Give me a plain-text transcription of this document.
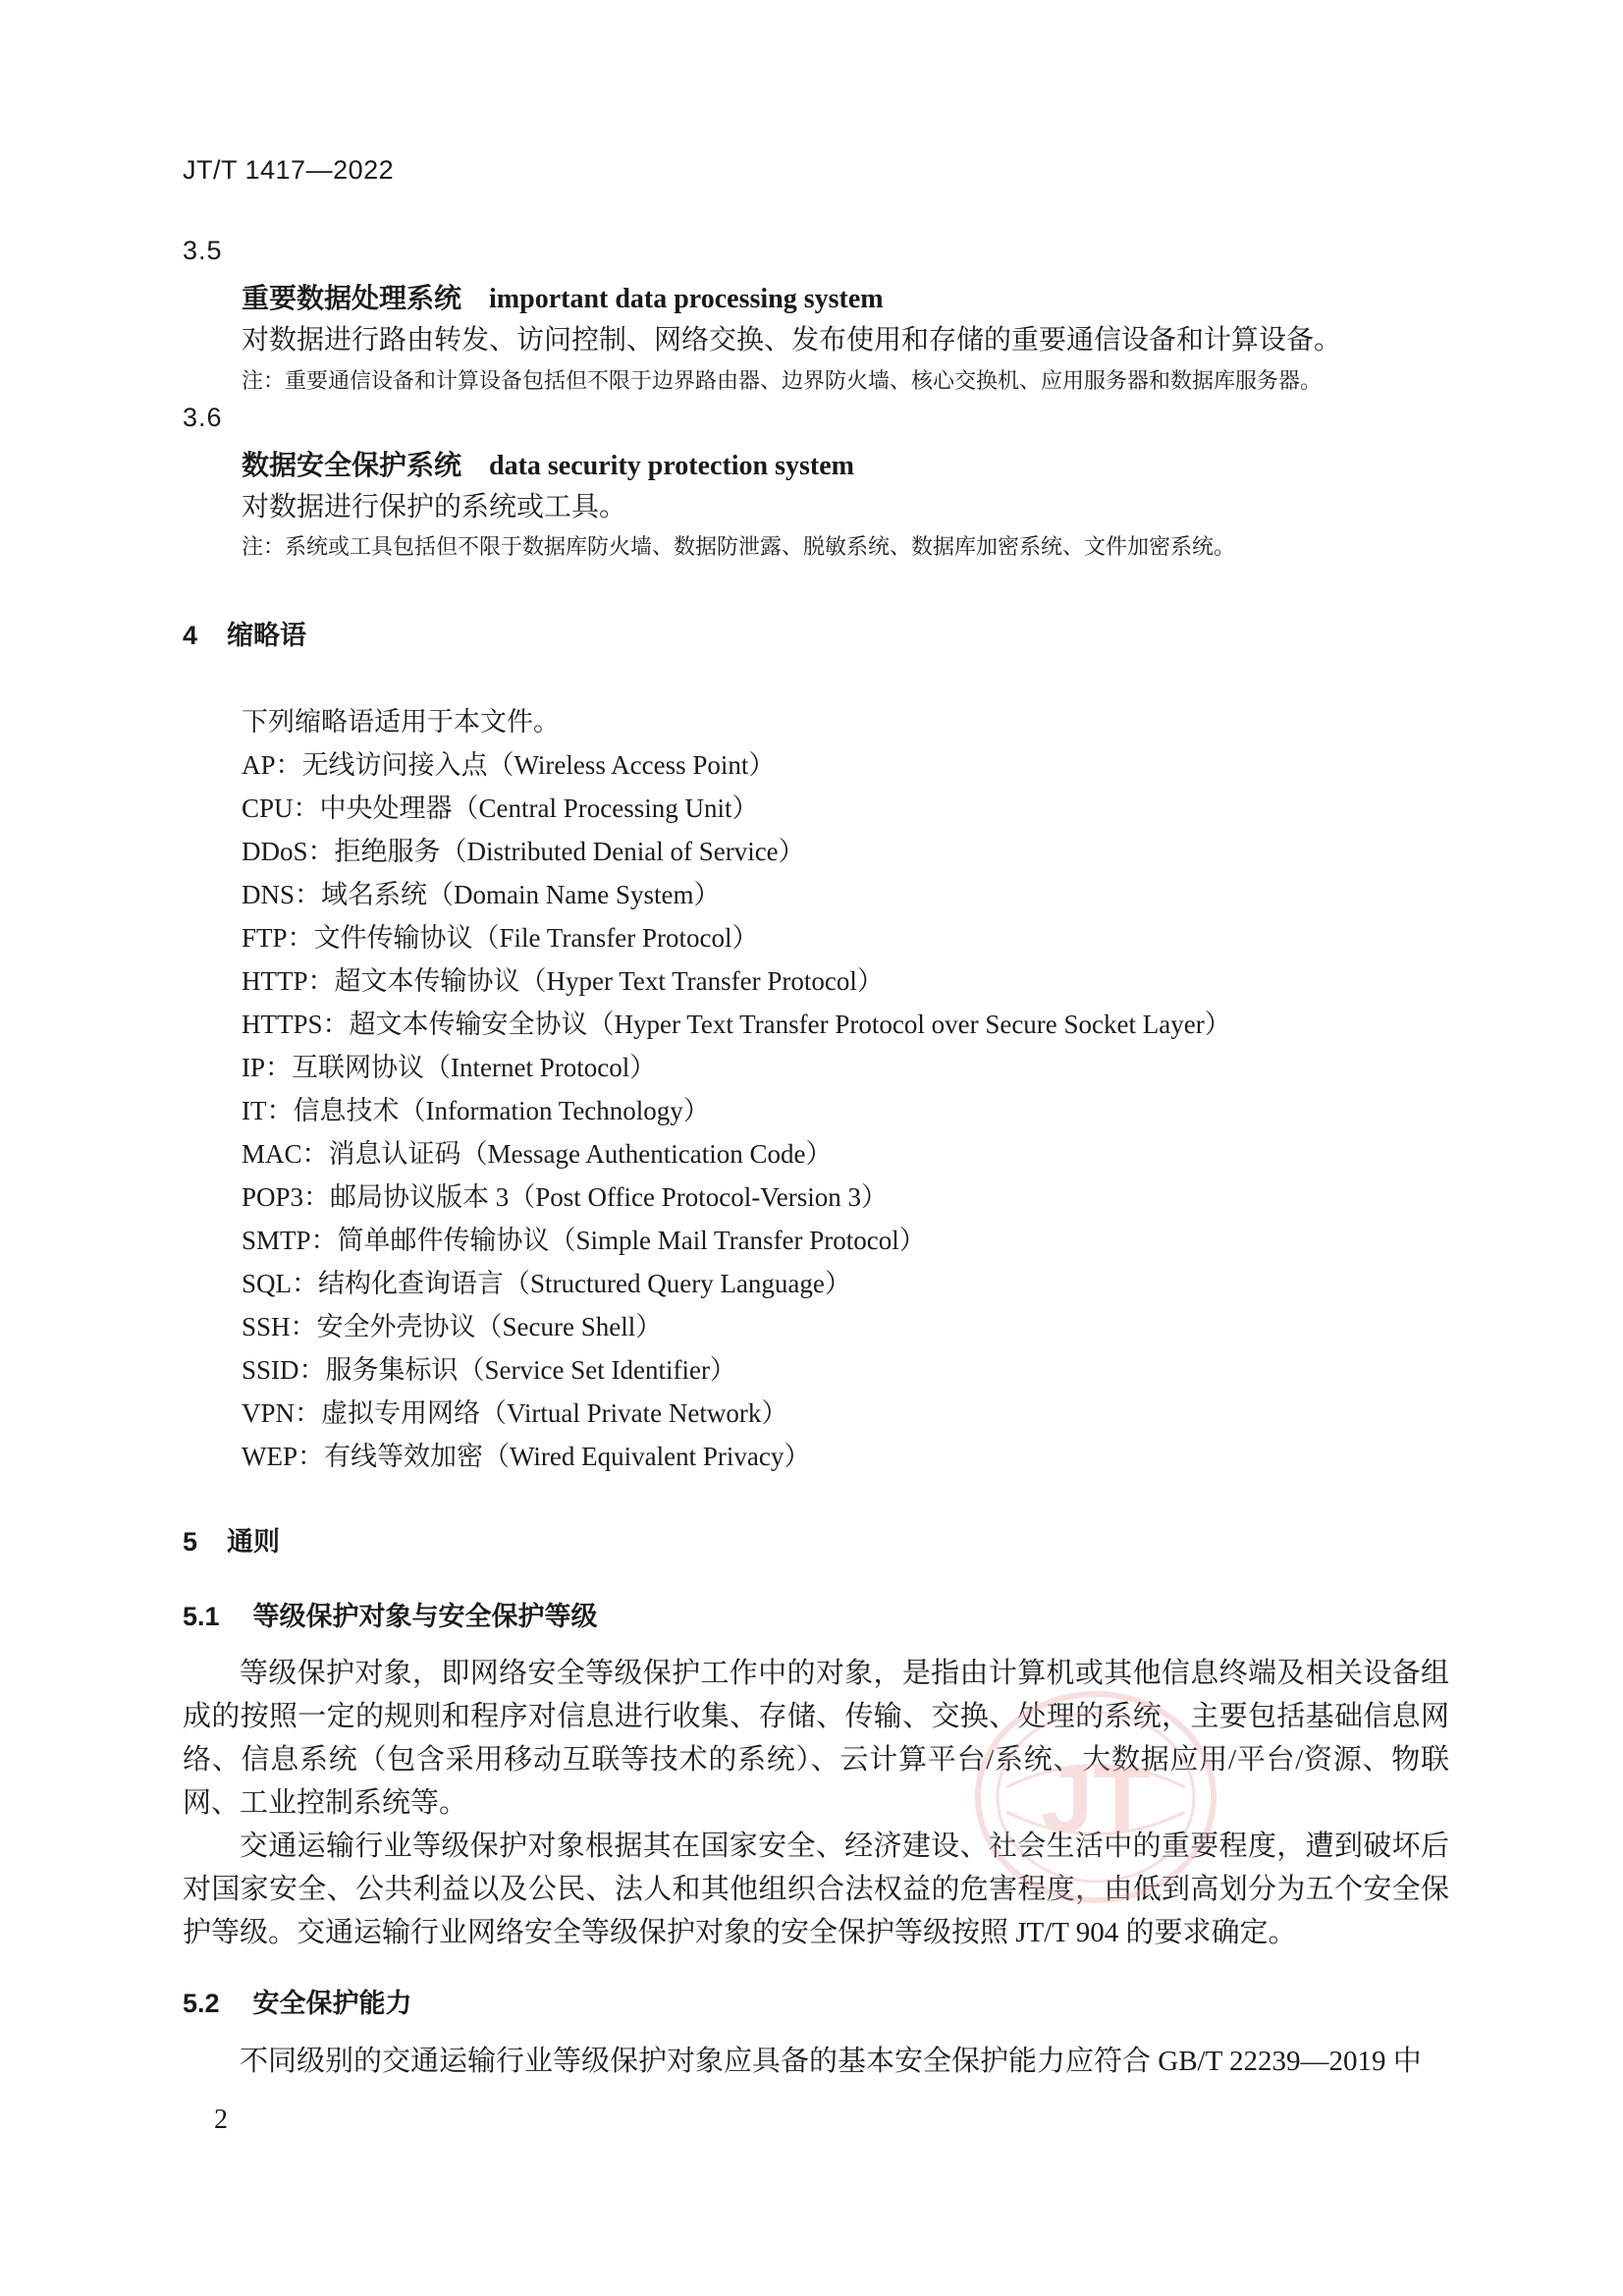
JT/T 1417—2022
3.5
重要数据处理系统 important data processing system
对数据进行路由转发、访问控制、网络交换、发布使用和存储的重要通信设备和计算设备。
注：重要通信设备和计算设备包括但不限于边界路由器、边界防火墙、核心交换机、应用服务器和数据库服务器。
3.6
数据安全保护系统 data security protection system
对数据进行保护的系统或工具。
注：系统或工具包括但不限于数据库防火墙、数据防泄露、脱敏系统、数据库加密系统、文件加密系统。
4 缩略语
下列缩略语适用于本文件。
AP：无线访问接入点（Wireless Access Point）
CPU：中央处理器（Central Processing Unit）
DDoS：拒绝服务（Distributed Denial of Service）
DNS：域名系统（Domain Name System）
FTP：文件传输协议（File Transfer Protocol）
HTTP：超文本传输协议（Hyper Text Transfer Protocol）
HTTPS：超文本传输安全协议（Hyper Text Transfer Protocol over Secure Socket Layer）
IP：互联网协议（Internet Protocol）
IT：信息技术（Information Technology）
MAC：消息认证码（Message Authentication Code）
POP3：邮局协议版本 3（Post Office Protocol-Version 3）
SMTP：简单邮件传输协议（Simple Mail Transfer Protocol）
SQL：结构化查询语言（Structured Query Language）
SSH：安全外壳协议（Secure Shell）
SSID：服务集标识（Service Set Identifier）
VPN：虚拟专用网络（Virtual Private Network）
WEP：有线等效加密（Wired Equivalent Privacy）
5 通则
5.1 等级保护对象与安全保护等级
等级保护对象，即网络安全等级保护工作中的对象，是指由计算机或其他信息终端及相关设备组成的按照一定的规则和程序对信息进行收集、存储、传输、交换、处理的系统，主要包括基础信息网络、信息系统（包含采用移动互联等技术的系统）、云计算平台/系统、大数据应用/平台/资源、物联网、工业控制系统等。
交通运输行业等级保护对象根据其在国家安全、经济建设、社会生活中的重要程度，遭到破坏后对国家安全、公共利益以及公民、法人和其他组织合法权益的危害程度，由低到高划分为五个安全保护等级。交通运输行业网络安全等级保护对象的安全保护等级按照 JT/T 904 的要求确定。
5.2 安全保护能力
不同级别的交通运输行业等级保护对象应具备的基本安全保护能力应符合 GB/T 22239—2019 中
2
JT
